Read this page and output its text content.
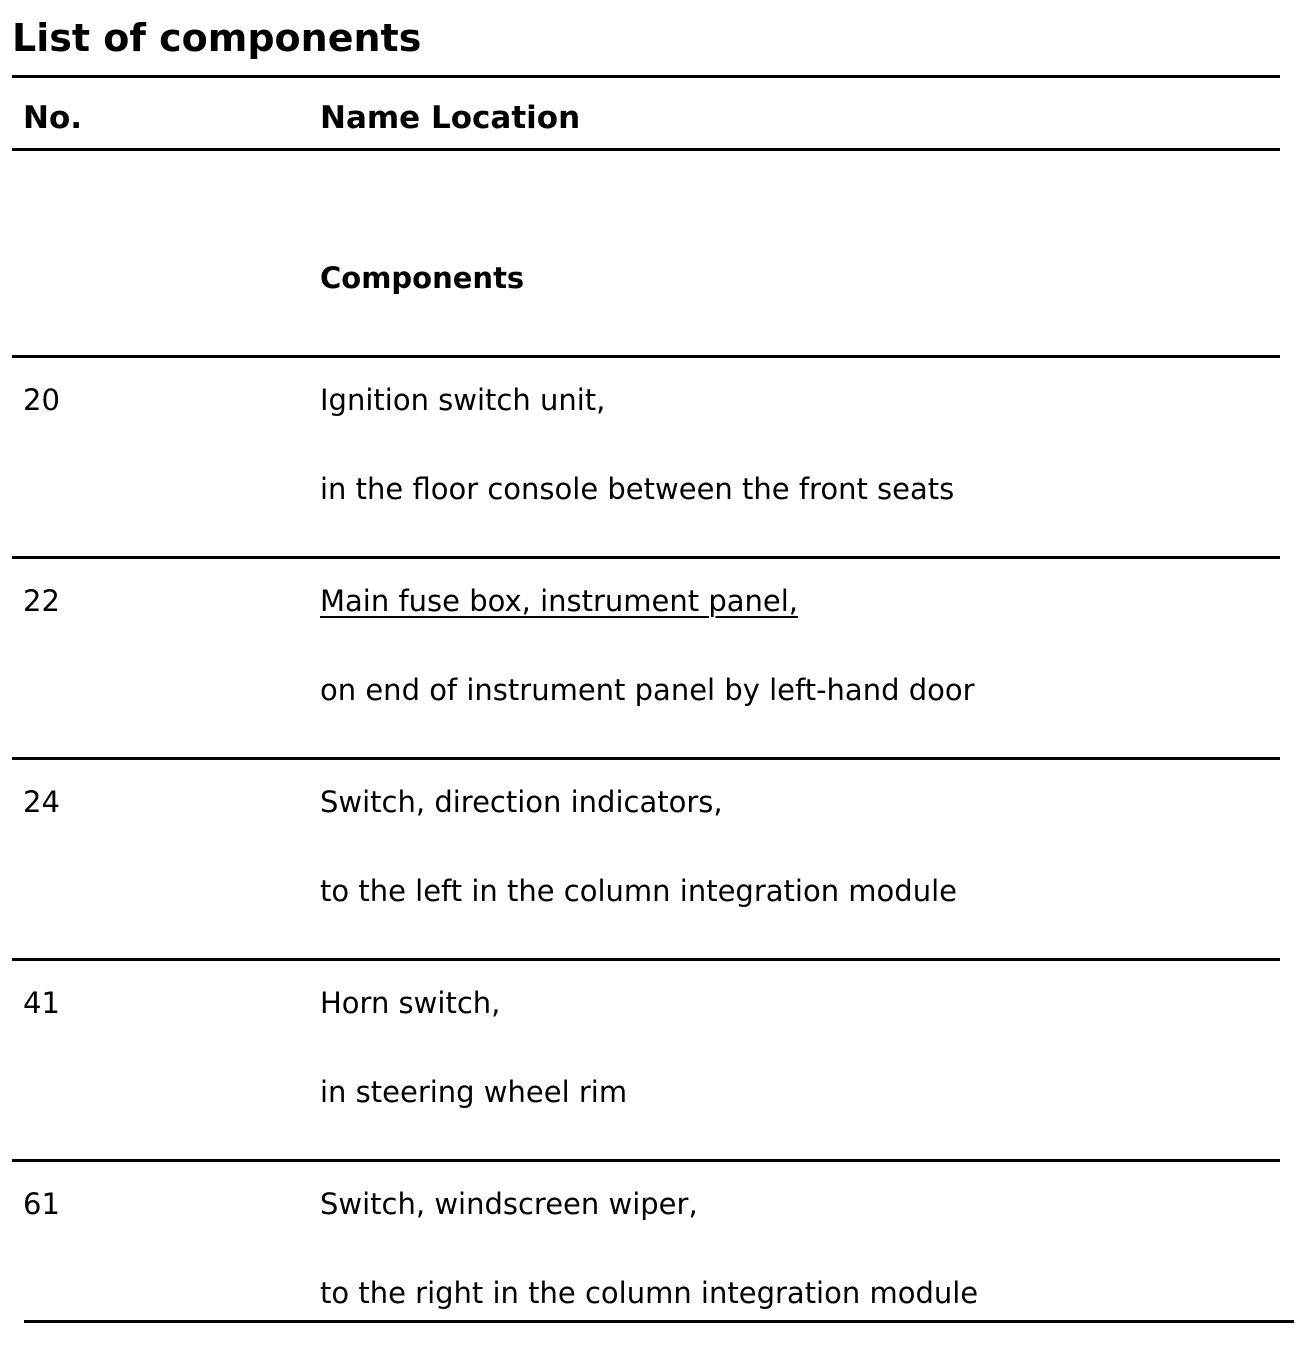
List of components
No.	Name Location
Components
20	Ignition switch unit,
in the floor console between the front seats
22	Main fuse box, instrument panel,
on end of instrument panel by left-hand door
24	Switch, direction indicators,
to the left in the column integration module
41	Horn switch,
in steering wheel rim
61	Switch, windscreen wiper,
to the right in the column integration module
